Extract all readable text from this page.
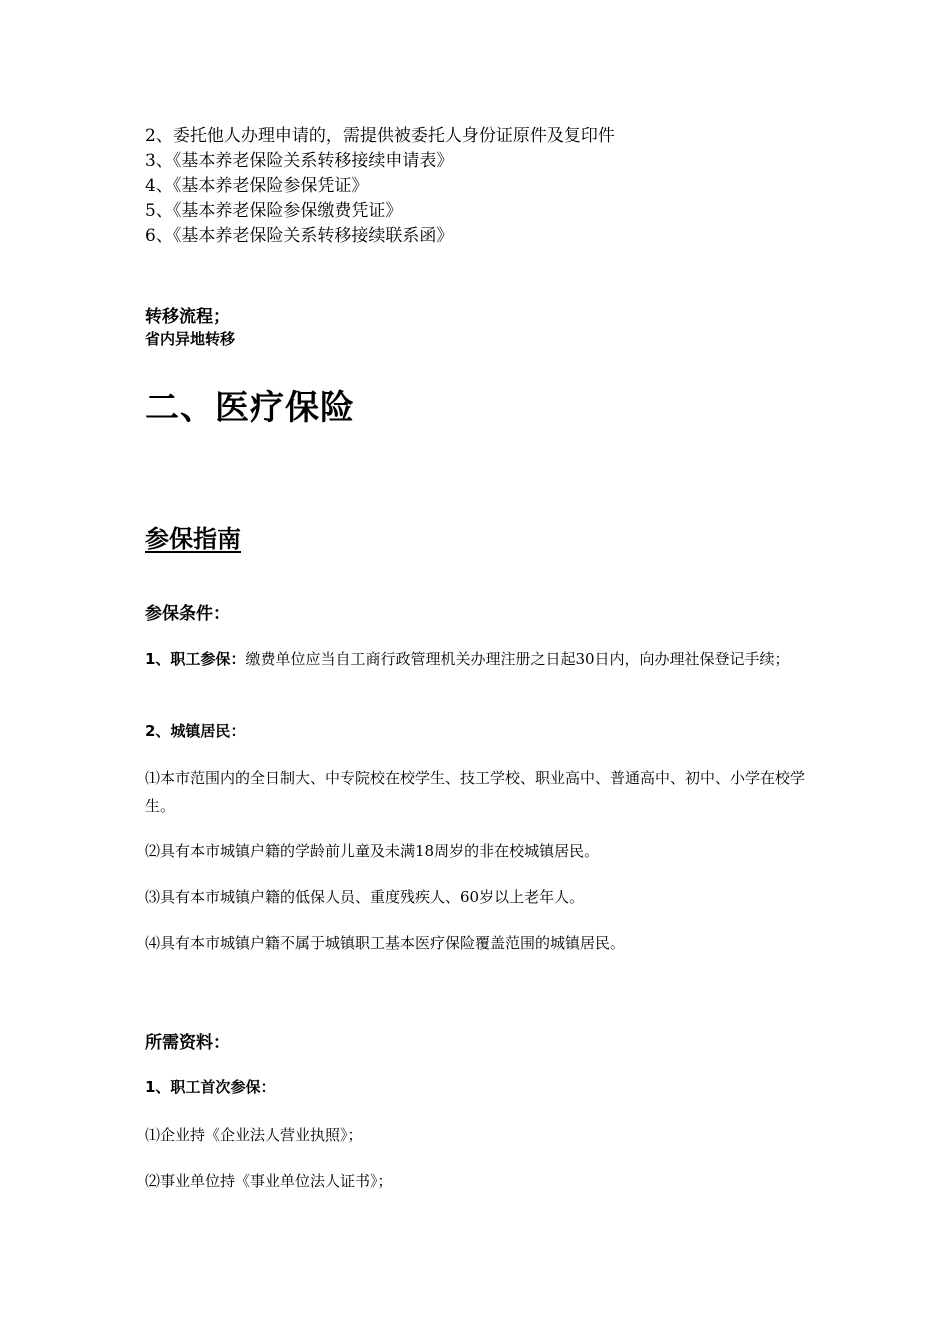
2、委托他人办理申请的，需提供被委托人身份证原件及复印件
3、《基本养老保险关系转移接续申请表》
4、《基本养老保险参保凭证》
5、《基本养老保险参保缴费凭证》
6、《基本养老保险关系转移接续联系函》
转移流程；
省内异地转移
二、医疗保险
参保指南
参保条件：
1、职工参保：缴费单位应当自工商行政管理机关办理注册之日起30日内，向办理社保登记手续；
2、城镇居民：
⑴本市范围内的全日制大、中专院校在校学生、技工学校、职业高中、普通高中、初中、小学在校学生。
⑵具有本市城镇户籍的学龄前儿童及未满18周岁的非在校城镇居民。
⑶具有本市城镇户籍的低保人员、重度残疾人、60岁以上老年人。
⑷具有本市城镇户籍不属于城镇职工基本医疗保险覆盖范围的城镇居民。
所需资料：
1、职工首次参保：
⑴企业持《企业法人营业执照》；
⑵事业单位持《事业单位法人证书》；
